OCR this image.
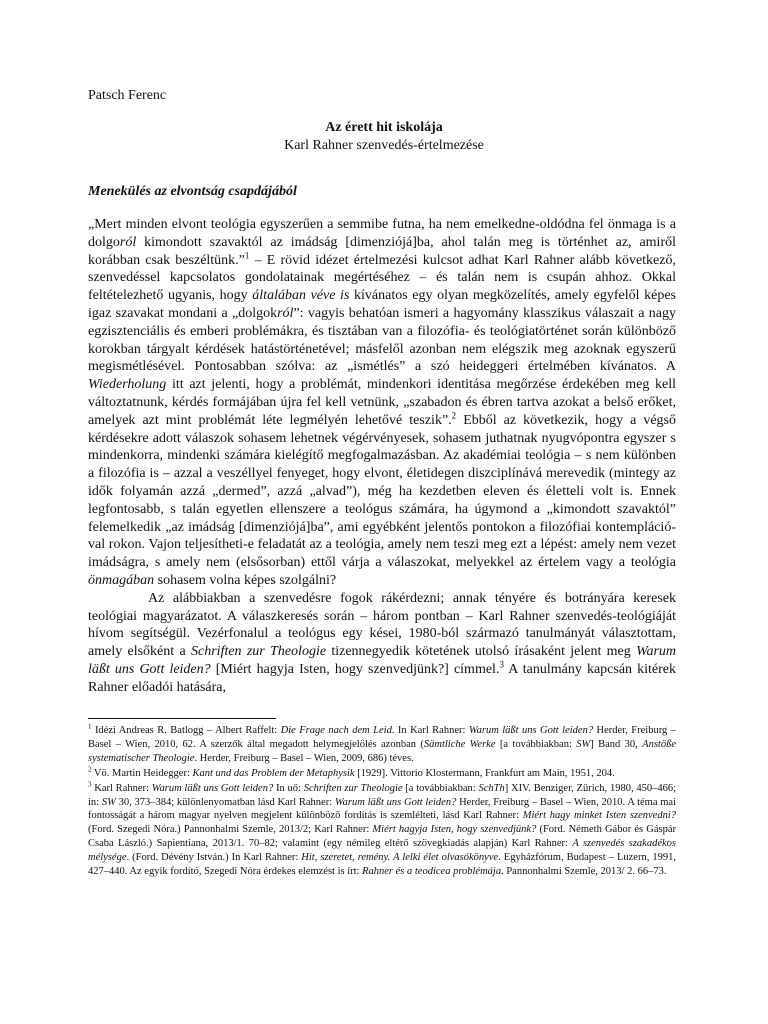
Patsch Ferenc
Az érett hit iskolája
Karl Rahner szenvedés-értelmezése
Menekülés az elvontság csapdájából

„Mert minden elvont teológia egyszerűen a semmibe futna, ha nem emelkedne-oldódna fel önmaga is a dolgoról kimondott szavaktól az imádság [dimenziójá]ba, ahol talán meg is történhet az, amiről korábban csak beszéltünk.”$^1$ – E rövid idézet értelmezési kulcsot adhat Karl Rahner alább következő, szenvedéssel kapcsolatos gondolatainak megértéséhez – és talán nem is csupán ahhoz. Okkal feltételezhető ugyanis, hogy általában véve is kívánatos egy olyan megközelítés, amely egyfelől képes igaz szavakat mondani a „dolgokról”: vagyis behatóan ismeri a hagyomány klasszikus válaszait a nagy egzisztenciális és emberi problémákra, és tisztában van a filozófia- és teológiatörténet során különböző korokban tárgyalt kérdések hatástörténetével; másfelől azonban nem elégszik meg azoknak egyszerű megismétlésével. Pontosabban szólva: az „ismétlés” a szó heideggeri értelmében kívánatos. A Wiederholung itt azt jelenti, hogy a problémát, mindenkori identitása megőrzése érdekében meg kell változtatnunk, kérdés formájában újra fel kell vetnünk, „szabadon és ébren tartva azokat a belső erőket, amelyek azt mint problémát léte legmélyén lehetővé teszik”.$^2$ Ebből az következik, hogy a végső kérdésekre adott válaszok sohasem lehetnek végérvényesek, sohasem juthatnak nyugvópontra egyszer s mindenkorra, mindenki számára kielégítő megfogalmazásban. Az akadémiai teológia – s nem különben a filozófia is – azzal a veszéllyel fenyeget, hogy elvont, életidegen diszciplínává merevedik (mintegy az idők folyamán azzá „dermed”, azzá „alvad”), még ha kezdetben eleven és életteli volt is. Ennek legfontosabb, s talán egyetlen ellenszere a teológus számára, ha úgymond a „kimondott szavaktól” felemelkedik „az imádság [dimenziójá]ba”, ami egyébként jelentős pontokon a filozófiai kontemplációval rokon. Vajon teljesítheti-e feladatát az a teológia, amely nem teszi meg ezt a lépést: amely nem vezet imádságra, s amely nem (elsősorban) ettől várja a válaszokat, melyekkel az értelem vagy a teológia önmagában sohasem volna képes szolgálni?

Az alábbiakban a szenvedésre fogok rákérdezni; annak tényére és botrányára keresek teológiai magyarázatot. A válaszkeresés során – három pontban – Karl Rahner szenvedés-teológiáját hívom segítségül. Vezérfonalul a teológus egy kései, 1980-ból származó tanulmányát választottam, amely elsőként a Schriften zur Theologie tizennegyedik kötetének utolsó írásaként jelent meg Warum läßt uns Gott leiden? [Miért hagyja Isten, hogy szenvedjünk?] címmel.$^3$ A tanulmány kapcsán kitérek Rahner előadói hatására,

$^1$ Idézi Andreas R. Batlogg – Albert Raffelt: Die Frage nach dem Leid. In Karl Rahner: Warum läßt uns Gott leiden? Herder, Freiburg – Basel – Wien, 2010, 62. A szerzők által megadott helymegjelölés azonban (Sämtliche Werke [a továbbiakban: SW] Band 30, Anstöße systematischer Theologie. Herder, Freiburg – Basel – Wien, 2009, 686) téves.

$^2$ Vö. Martin Heidegger: Kant und das Problem der Metaphysik [1929]. Vittorio Klostermann, Frankfurt am Main, 1951, 204.

$^3$ Karl Rahner: Warum läßt uns Gott leiden? In uő: Schriften zur Theologie [a továbbiakban: SchTh] XIV. Benziger, Zürich, 1980, 450–466; in: SW 30, 373–384; különlenyomatban lásd Karl Rahner: Warum läßt uns Gott leiden? Herder, Freiburg – Basel – Wien, 2010. A téma mai fontosságát a három magyar nyelven megjelent különböző fordítás is szemlélteti, lásd Karl Rahner: Miért hagy minket Isten szenvedni? (Ford. Szegedi Nóra.) Pannonhalmi Szemle, 2013/2; Karl Rahner: Miért hagyja Isten, hogy szenvedjünk? (Ford. Németh Gábor és Gáspár Csaba László.) Sapientiana, 2013/1. 70–82; valamint (egy némileg eltérő szövegkiadás alapján) Karl Rahner: A szenvedés szakadékos mélysége. (Ford. Dévény István.) In Karl Rahner: Hit, szeretet, remény. A lelki élet olvasókönyve. Egyházfórum, Budapest – Luzern, 1991, 427–440. Az egyik fordító, Szegedi Nóra érdekes elemzést is írt: Rahner és a teodicea problémája. Pannonhalmi Szemle, 2013/ 2. 66–73.
